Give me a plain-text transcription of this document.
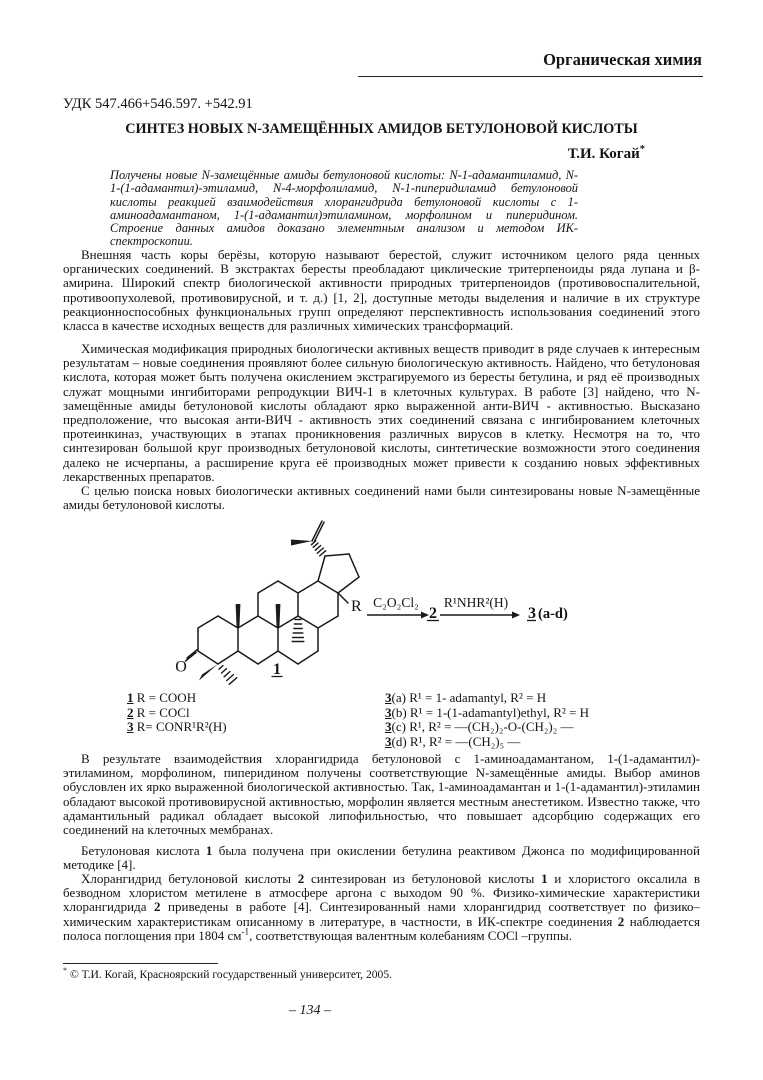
Органическая химия
УДК 547.466+546.597. +542.91
СИНТЕЗ НОВЫХ N-ЗАМЕЩЁННЫХ АМИДОВ БЕТУЛОНОВОЙ КИСЛОТЫ
Т.И. Когай*
Получены новые N-замещённые амиды бетулоновой кислоты: N-1-адамантиламид, N-1-(1-адамантил)-этиламид, N-4-морфолиламид, N-1-пиперидиламид бетулоновой кислоты реакцией взаимодействия хлорангидрида бетулоновой кислоты с 1-аминоадамантаном, 1-(1-адамантил)этиламином, морфолином и пиперидином. Строение данных амидов доказано элементным анализом и методом ИК-спектроскопии.
Внешняя часть коры берёзы, которую называют берестой, служит источником целого ряда ценных органических соединений. В экстрактах бересты преобладают циклические тритерпеноиды ряда лупана и β-амирина. Широкий спектр биологической активности природных тритерпеноидов (противовоспалительной, противоопухолевой, противовирусной, и т. д.) [1, 2], доступные методы выделения и наличие в их структуре реакционноспособных функциональных групп определяют перспективность использования соединений этого класса в качестве исходных веществ для различных химических трансформаций.
Химическая модификация природных биологически активных веществ приводит в ряде случаев к интересным результатам – новые соединения проявляют более сильную биологическую активность. Найдено, что бетулоновая кислота, которая может быть получена окислением экстрагируемого из бересты бетулина, и ряд её производных служат мощными ингибиторами репродукции ВИЧ-1 в клеточных культурах. В работе [3] найдено, что N-замещённые амиды бетулоновой кислоты обладают ярко выраженной анти-ВИЧ - активностью. Высказано предположение, что высокая анти-ВИЧ - активность этих соединений связана с ингибированием клеточных протеинкиназ, участвующих в этапах проникновения различных вирусов в клетку. Несмотря на то, что синтезирован большой круг производных бетулоновой кислоты, синтетические возможности этого соединения далеко не исчерпаны, а расширение круга её производных может привести к созданию новых эффективных лекарственных препаратов.
С целью поиска новых биологически активных соединений нами были синтезированы новые N-замещённые амиды бетулоновой кислоты.
O
R
1
C₂O₂Cl₂
2
R¹NHR²(H)
3 (a-d)
1 R = COOH
2 R = COCl
3 R= CONR¹R²(H)
3(a) R¹ = 1- adamantyl, R² = H
3(b) R¹ = 1-(1-adamantyl)ethyl, R² = H
3(c) R¹, R² = —(CH₂)₂-O-(CH₂)₂ —
3(d) R¹, R² = —(CH₂)₅ —
В результате взаимодействия хлорангидрида бетулоновой с 1-аминоадамантаном, 1-(1-адамантил)-этиламином, морфолином, пиперидином получены соответствующие N-замещённые амиды. Выбор аминов обусловлен их ярко выраженной биологической активностью. Так, 1-аминоадамантан и 1-(1-адамантил)-этиламин обладают высокой противовирусной активностью, морфолин является местным анестетиком. Известно также, что адамантильный радикал обладает высокой липофильностью, что повышает адсорбцию содержащих его соединений на клеточных мембранах.
Бетулоновая кислота 1 была получена при окислении бетулина реактивом Джонса по модифицированной методике [4].
Хлорангидрид бетулоновой кислоты 2 синтезирован из бетулоновой кислоты 1 и хлористого оксалила в безводном хлористом метилене в атмосфере аргона с выходом 90 %. Физико-химические характеристики хлорангидрида 2 приведены в работе [4]. Синтезированный нами хлорангидрид соответствует по физико–химическим характеристикам описанному в литературе, в частности, в ИК-спектре соединения 2 наблюдается полоса поглощения при 1804 $см^{-1}$, соответствующая валентным колебаниям COCl –группы.
* © Т.И. Когай, Красноярский государственный университет, 2005.
– 134 –
